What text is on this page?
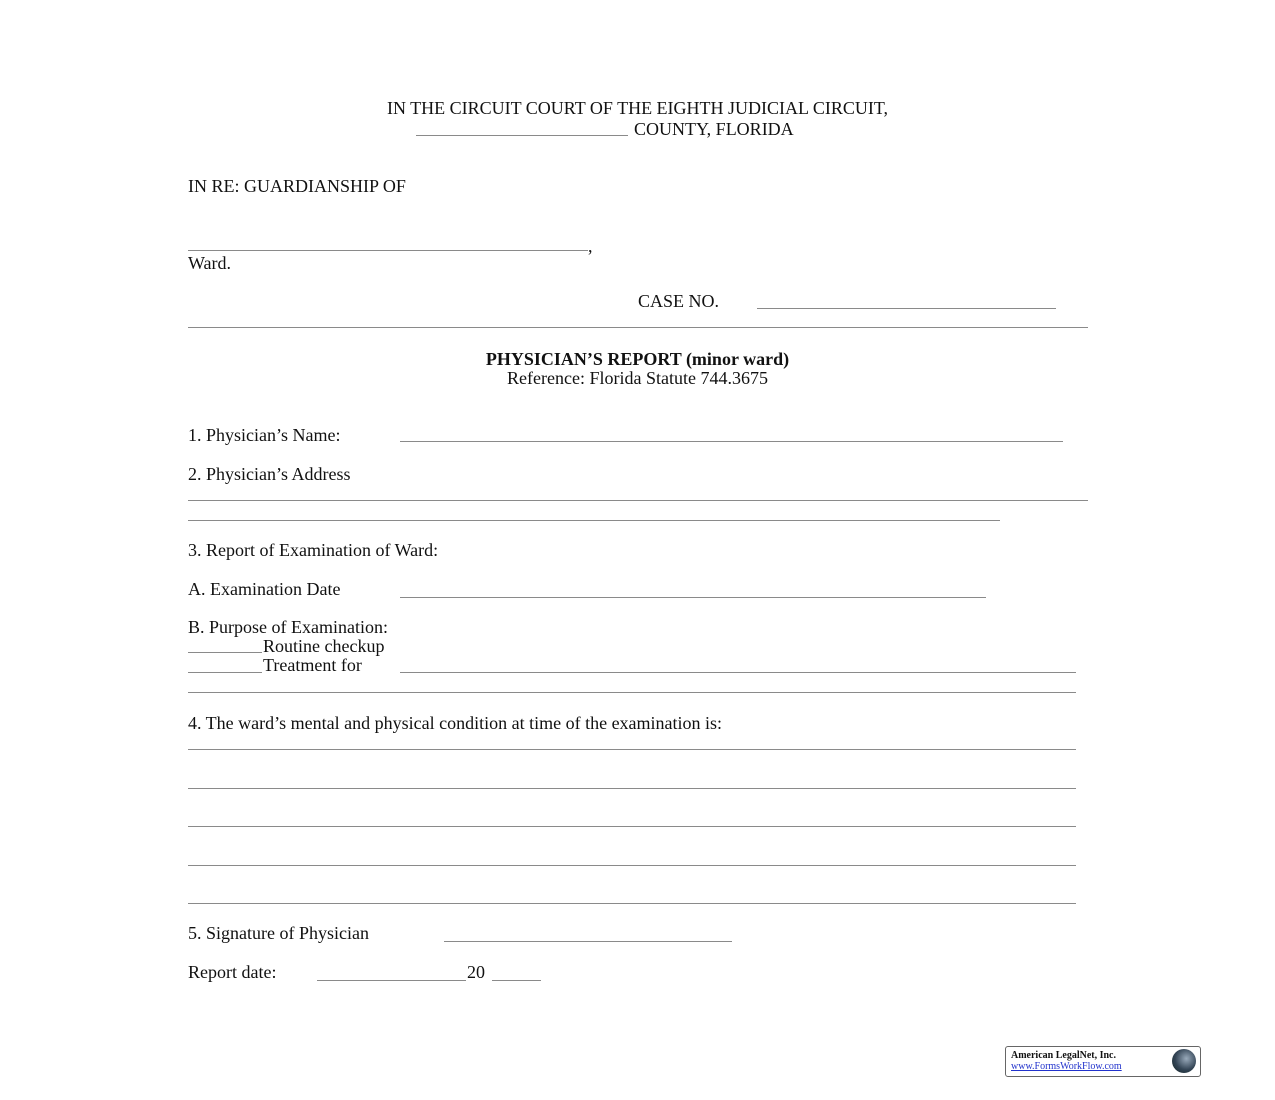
IN THE CIRCUIT COURT OF THE EIGHTH JUDICIAL CIRCUIT,
COUNTY, FLORIDA
IN RE: GUARDIANSHIP OF
,
Ward.
CASE NO.
PHYSICIAN’S REPORT (minor ward)
Reference: Florida Statute 744.3675
1. Physician’s Name:
2. Physician’s Address
3. Report of Examination of Ward:
A. Examination Date
B. Purpose of Examination:
Routine checkup
Treatment for
4. The ward’s mental and physical condition at time of the examination is:
5. Signature of Physician
Report date:	20
American LegalNet, Inc.
www.FormsWorkFlow.com
